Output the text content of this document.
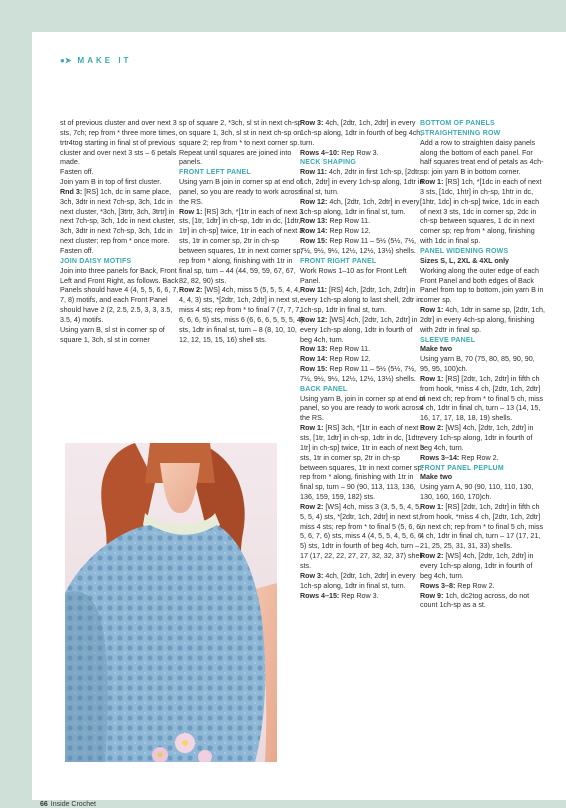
●➤ MAKE IT

st of previous cluster and over next 3 sts, 7ch; rep from * three more times, trtr4tog starting in final st of previous cluster and over next 3 sts – 6 petals made.

Fasten off.

Join yarn B in top of first cluster.

Rnd 3: [RS] 1ch, dc in same place, 3ch, 3dtr in next 7ch-sp, 3ch, 1dc in next cluster, *3ch, [3trtr, 3ch, 3trtr] in next 7ch-sp, 3ch, 1dc in next cluster, 3ch, 3dtr in next 7ch-sp, 3ch, 1dc in next cluster; rep from * once more. Fasten off.

JOIN DAISY MOTIFS

Join into three panels for Back, Front Left and Front Right, as follows. Back Panels should have 4 (4, 5, 5, 6, 6, 7, 7, 8) motifs, and each Front Panel should have 2 (2, 2.5, 2.5, 3, 3, 3.5, 3.5, 4) motifs.

Using yarn B, sl st in corner sp of square 1, 3ch, sl st in corner

sp of square 2, *3ch, sl st in next ch-sp on square 1, 3ch, sl st in next ch-sp on square 2; rep from * to next corner sp. Repeat until squares are joined into panels.

FRONT LEFT PANEL

Using yarn B join in corner sp at end of panel, so you are ready to work across the RS.

Row 1: [RS] 3ch, *[1tr in each of next 3 sts, [1tr, 1dtr] in ch-sp, 1dtr in dc, [1dtr, 1tr] in ch-sp] twice, 1tr in each of next 3 sts, 1tr in corner sp, 2tr in ch-sp between squares, 1tr in next corner sp; rep from * along, finishing with 1tr in final sp, turn – 44 (44, 59, 59, 67, 67, 82, 82, 90) sts.

Row 2: [WS] 4ch, miss 5 (5, 5, 5, 4, 4, 4, 4, 3) sts, *[2dtr, 1ch, 2dtr] in next st, miss 4 sts; rep from * to final 7 (7, 7, 7, 6, 6, 6, 5) sts, miss 6 (6, 6, 6, 5, 5, 5, 4) sts, 1dtr in final st, turn – 8 (8, 10, 10, 12, 12, 15, 15, 16) shell sts.

Row 3: 4ch, [2dtr, 1ch, 2dtr] in every 1ch-sp along, 1dtr in fourth of beg 4ch, turn.

Rows 4–10: Rep Row 3.

NECK SHAPING

Row 11: 4ch, 2dtr in first 1ch-sp, [2dtr, 1ch, 2dtr] in every 1ch-sp along, 1dtr in final st, turn.

Row 12: 4ch, [2dtr, 1ch, 2dtr] in every 1ch-sp along, 1dtr in final st, turn.

Row 13: Rep Row 11.

Row 14: Rep Row 12.

Row 15: Rep Row 11 – 5½ (5½, 7½, 7½, 9½, 9½, 12½, 12½, 13½) shells.

FRONT RIGHT PANEL

Work Rows 1–10 as for Front Left Panel.

Row 11: [RS] 4ch, [2dtr, 1ch, 2dtr] in every 1ch-sp along to last shell, 2dtr in 1ch-sp, 1dtr in final st, turn.

Row 12: [WS] 4ch, [2dtr, 1ch, 2dtr] in every 1ch-sp along, 1dtr in fourth of beg 4ch, turn.

Row 13: Rep Row 11.

Row 14: Rep Row 12.

Row 15: Rep Row 11 – 5½ (5½, 7½, 7½, 9½, 9½, 12½, 12½, 13½) shells.

BACK PANEL

Using yarn B, join in corner sp at end of panel, so you are ready to work across the RS.

Row 1: [RS] 3ch, *[1tr in each of next 3 sts, [1tr, 1dtr] in ch-sp, 1dtr in dc, [1dtr, 1tr] in ch-sp] twice, 1tr in each of next 3 sts, 1tr in corner sp, 2tr in ch-sp between squares, 1tr in next corner sp; rep from * along, finishing with 1tr in final sp, turn – 90 (90, 113, 113, 136, 136, 159, 159, 182) sts.

Row 2: [WS] 4ch, miss 3 (3, 5, 5, 4, 5, 5, 5, 4) sts, *[2dtr, 1ch, 2dtr] in next st, miss 4 sts; rep from * to final 5 (5, 6, 6, 5, 6, 7, 6) sts, miss 4 (4, 5, 5, 4, 5, 6, 6, 5) sts, 1dtr in fourth of beg 4ch, turn – 17 (17, 22, 22, 27, 27, 32, 32, 37) shell sts.

Row 3: 4ch, [2dtr, 1ch, 2dtr] in every 1ch-sp along, 1dtr in final st, turn.

Rows 4–15: Rep Row 3.

BOTTOM OF PANELS STRAIGHTENING ROW

Add a row to straighten daisy panels along the bottom of each panel. For half squares treat end of petals as 4ch-sp: join yarn B in bottom corner.

Row 1: [RS] 1ch, *[1dc in each of next 3 sts, [1dc, 1htr] in ch-sp, 1htr in dc, [1htr, 1dc] in ch-sp] twice, 1dc in each of next 3 sts, 1dc in corner sp, 2dc in ch-sp between squares, 1 dc in next corner sp; rep from * along, finishing with 1dc in final sp.

PANEL WIDENING ROWS

Sizes S, L, 2XL & 4XL only

Working along the outer edge of each Front Panel and both edges of Back Panel from top to bottom, join yarn B in corner sp.

Row 1: 4ch, 1dtr in same sp, [2dtr, 1ch, 2dtr] in every 4ch-sp along, finishing with 2dtr in final sp.

SLEEVE PANEL

Make two

Using yarn B, 70 (75, 80, 85, 90, 90, 95, 95, 100)ch.

Row 1: [RS] [2dtr, 1ch, 2dtr] in fifth ch from hook, *miss 4 ch, [2dtr, 1ch, 2dtr] in next ch; rep from * to final 5 ch, miss 4 ch, 1dtr in final ch, turn – 13 (14, 15, 16, 17, 17, 18, 18, 19) shells.

Row 2: [WS] 4ch, [2dtr, 1ch, 2dtr] in every 1ch-sp along, 1dtr in fourth of beg 4ch, turn.

Rows 3–14: Rep Row 2.

FRONT PANEL PEPLUM

Make two

Using yarn A, 90 (90, 110, 110, 130, 130, 160, 160, 170)ch.

Row 1: [RS] [2dtr, 1ch, 2dtr] in fifth ch from hook, *miss 4 ch, [2dtr, 1ch, 2dtr] in next ch; rep from * to final 5 ch, miss 4 ch, 1dtr in final ch, turn – 17 (17, 21, 21, 25, 25, 31, 31, 33) shells.

Row 2: [WS] 4ch, [2dtr, 1ch, 2dtr] in every 1ch-sp along, 1dtr in fourth of beg 4ch, turn.

Rows 3–8: Rep Row 2.

Row 9: 1ch, dc2tog across, do not count 1ch-sp as a st.

66 Inside Crochet
PassionForum.ru
